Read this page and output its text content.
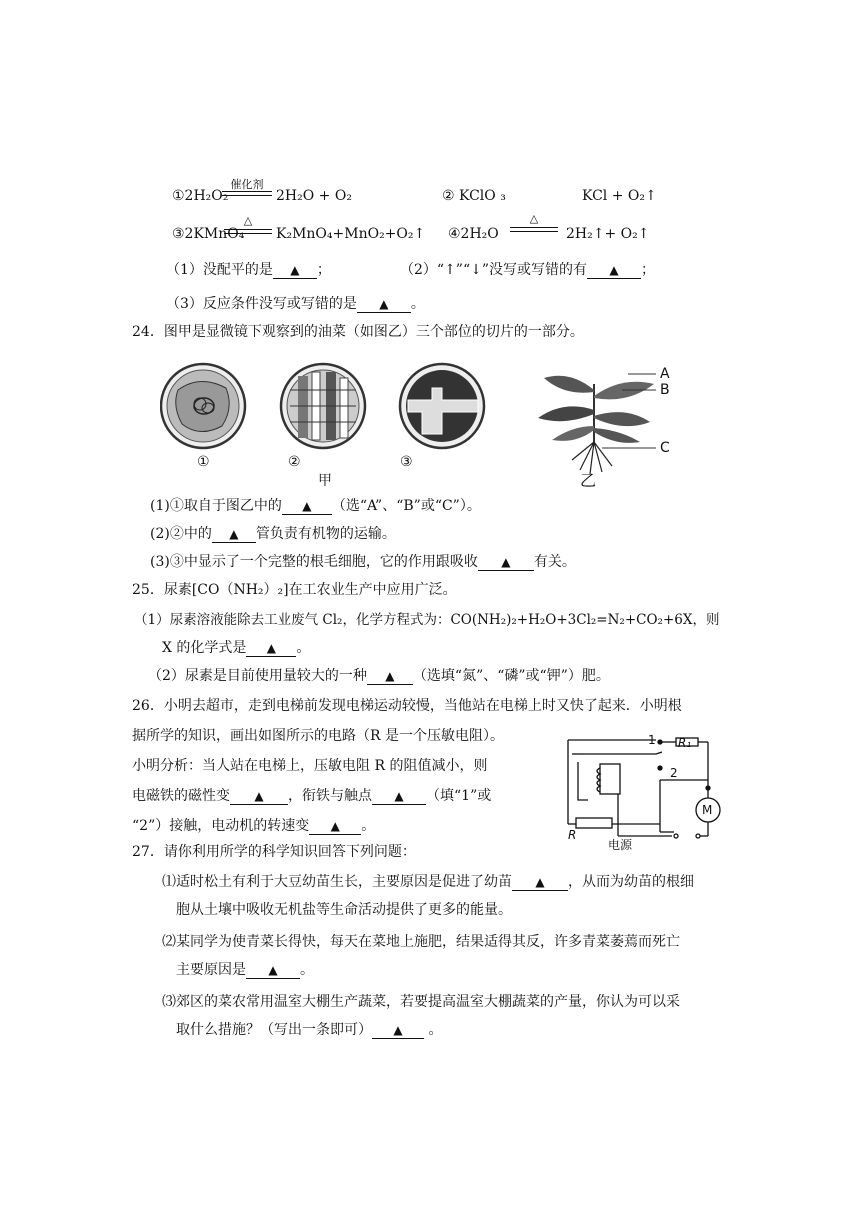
①2H₂O₂
催化剂
2H₂O + O₂	② KClO ₃	KCl + O₂↑
③2KMnO₄
△
K₂MnO₄+MnO₂+O₂↑ ④2H₂O
△
2H₂↑+ O₂↑
（1）没配平的是 ▲ ；	（2）“↑”“↓”没写或写错的有 ▲ ；
（3）反应条件没写或写错的是 ▲ 。
24．图甲是显微镜下观察到的油菜（如图乙）三个部位的切片的一部分。
①	②	③
甲	乙
A
B
C
(1)①取自于图乙中的 ▲ （选“A”、“B”或“C”）。
(2)②中的 ▲ 管负责有机物的运输。
(3)③中显示了一个完整的根毛细胞，它的作用跟吸收 ▲ 有关。
25．尿素[CO（NH₂）₂]在工农业生产中应用广泛。
（1）尿素溶液能除去工业废气 Cl₂，化学方程式为：CO(NH₂)₂+H₂O+3Cl₂=N₂+CO₂+6X，则
X 的化学式是 ▲ 。
（2）尿素是目前使用量较大的一种 ▲ （选填“氮”、“磷”或“钾”）肥。
26．小明去超市，走到电梯前发现电梯运动较慢，当他站在电梯上时又快了起来．小明根
据所学的知识，画出如图所示的电路（R 是一个压敏电阻）。
小明分析：当人站在电梯上，压敏电阻 R 的阻值减小，则
电磁铁的磁性变 ▲ ，衔铁与触点 ▲ （填“1”或
“2”）接触，电动机的转速变 ▲ 。
1
2
R₁
R
M
电源
27．请你利用所学的科学知识回答下列问题：
⑴适时松土有利于大豆幼苗生长，主要原因是促进了幼苗 ▲ ，从而为幼苗的根细
胞从土壤中吸收无机盐等生命活动提供了更多的能量。
⑵某同学为使青菜长得快，每天在菜地上施肥，结果适得其反，许多青菜萎蔫而死亡
主要原因是 ▲ 。
⑶郊区的菜农常用温室大棚生产蔬菜，若要提高温室大棚蔬菜的产量，你认为可以采
取什么措施？（写出一条即可） ▲ 。
